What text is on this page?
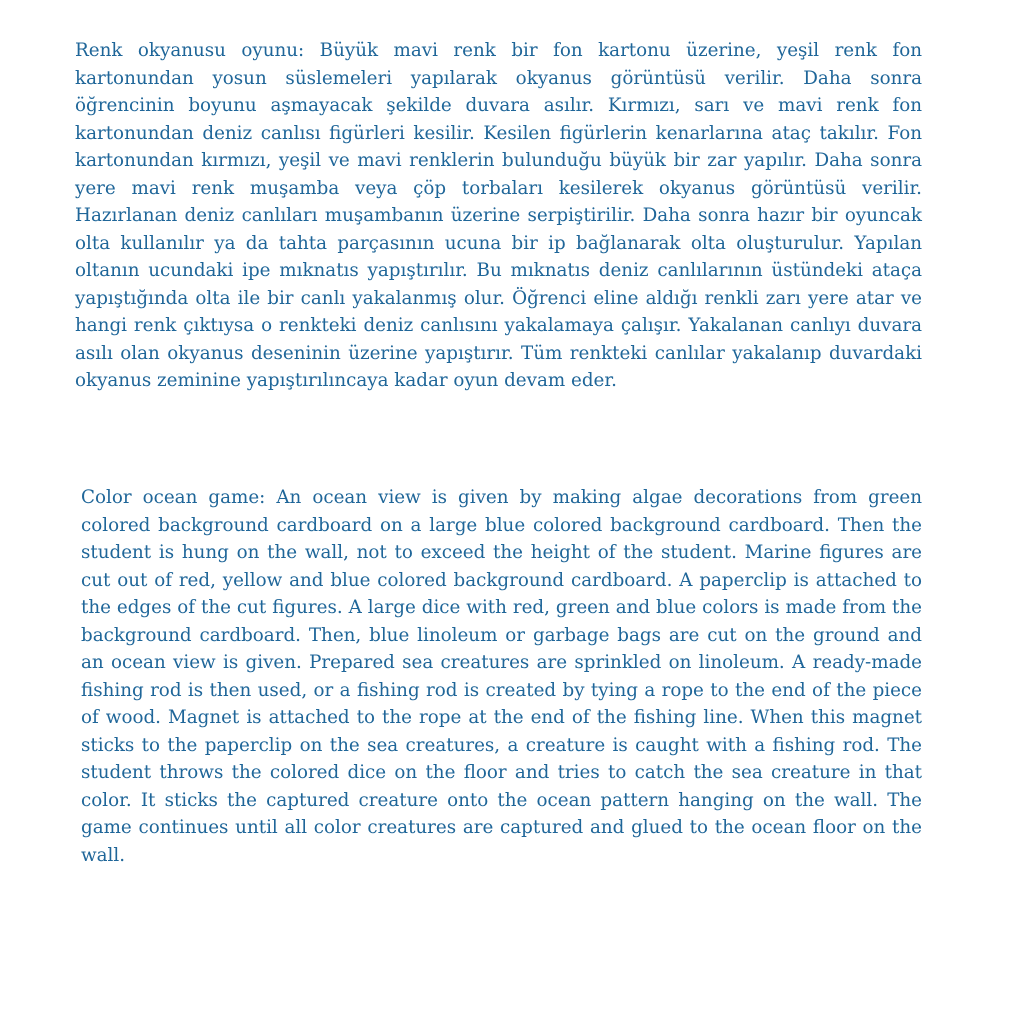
Renk okyanusu oyunu: Büyük mavi renk bir fon kartonu üzerine, yeşil renk fon kartonundan yosun süslemeleri yapılarak okyanus görüntüsü verilir. Daha sonra öğrencinin boyunu aşmayacak şekilde duvara asılır. Kırmızı, sarı ve mavi renk fon kartonundan deniz canlısı figürleri kesilir. Kesilen figürlerin kenarlarına ataç takılır. Fon kartonundan kırmızı, yeşil ve mavi renklerin bulunduğu büyük bir zar yapılır. Daha sonra yere mavi renk muşamba veya çöp torbaları kesilerek okyanus görüntüsü verilir. Hazırlanan deniz canlıları muşambanın üzerine serpiştirilir. Daha sonra hazır bir oyuncak olta kullanılır ya da tahta parçasının ucuna bir ip bağlanarak olta oluşturulur. Yapılan oltanın ucundaki ipe mıknatıs yapıştırılır. Bu mıknatıs deniz canlılarının üstündeki ataça yapıştığında olta ile bir canlı yakalanmış olur. Öğrenci eline aldığı renkli zarı yere atar ve hangi renk çıktıysa o renkteki deniz canlısını yakalamaya çalışır. Yakalanan canlıyı duvara asılı olan okyanus deseninin üzerine yapıştırır. Tüm renkteki canlılar yakalanıp duvardaki okyanus zeminine yapıştırılıncaya kadar oyun devam eder.

Color ocean game: An ocean view is given by making algae decorations from green colored background cardboard on a large blue colored background cardboard. Then the student is hung on the wall, not to exceed the height of the student. Marine figures are cut out of red, yellow and blue colored background cardboard. A paperclip is attached to the edges of the cut figures. A large dice with red, green and blue colors is made from the background cardboard. Then, blue linoleum or garbage bags are cut on the ground and an ocean view is given. Prepared sea creatures are sprinkled on linoleum. A ready-made fishing rod is then used, or a fishing rod is created by tying a rope to the end of the piece of wood. Magnet is attached to the rope at the end of the fishing line. When this magnet sticks to the paperclip on the sea creatures, a creature is caught with a fishing rod. The student throws the colored dice on the floor and tries to catch the sea creature in that color. It sticks the captured creature onto the ocean pattern hanging on the wall. The game continues until all color creatures are captured and glued to the ocean floor on the wall.
